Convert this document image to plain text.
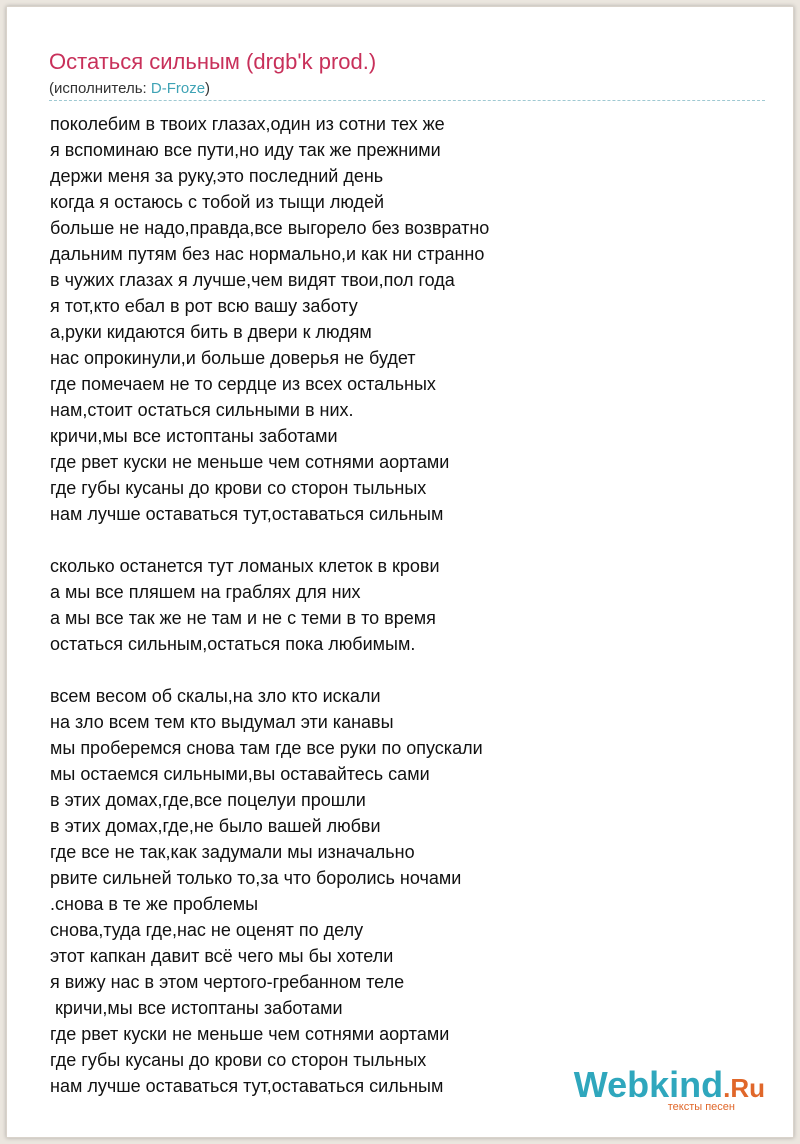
Остаться сильным (drgb'k prod.)
(исполнитель: D-Froze)
поколебим в твоих глазах,один из сотни тех же
я вспоминаю все пути,но иду так же прежними
держи меня за руку,это последний день
когда я остаюсь с тобой из тыщи людей
больше не надо,правда,все выгорело без возвратно
дальним путям без нас нормально,и как ни странно
в чужих глазах я лучше,чем видят твои,пол года
я тот,кто ебал в рот всю вашу заботу
а,руки кидаются бить в двери к людям
нас опрокинули,и больше доверья не будет
где помечаем не то сердце из всех остальных
нам,стоит остаться сильными в них.
кричи,мы все истоптаны заботами
где рвет куски не меньше чем сотнями аортами
где губы кусаны до крови со сторон тыльных
нам лучше оставаться тут,оставаться сильным
сколько останется тут ломаных клеток в крови
а мы все пляшем на граблях для них
а мы все так же не там и не с теми в то время
остаться сильным,остаться пока любимым.
всем весом об скалы,на зло кто искали
на зло всем тем кто выдумал эти канавы
мы проберемся снова там где все руки по опускали
мы остаемся сильными,вы оставайтесь сами
в этих домах,где,все поцелуи прошли
в этих домах,где,не было вашей любви
где все не так,как задумали мы изначально
рвите сильней только то,за что боролись ночами
.снова в те же проблемы
снова,туда где,нас не оценят по делу
этот капкан давит всё чего мы бы хотели
я вижу нас в этом чертого-гребанном теле
кричи,мы все истоптаны заботами
где рвет куски не меньше чем сотнями аортами
где губы кусаны до крови со сторон тыльных
нам лучше оставаться тут,оставаться сильным	Webkind.Ru
тексты песен
